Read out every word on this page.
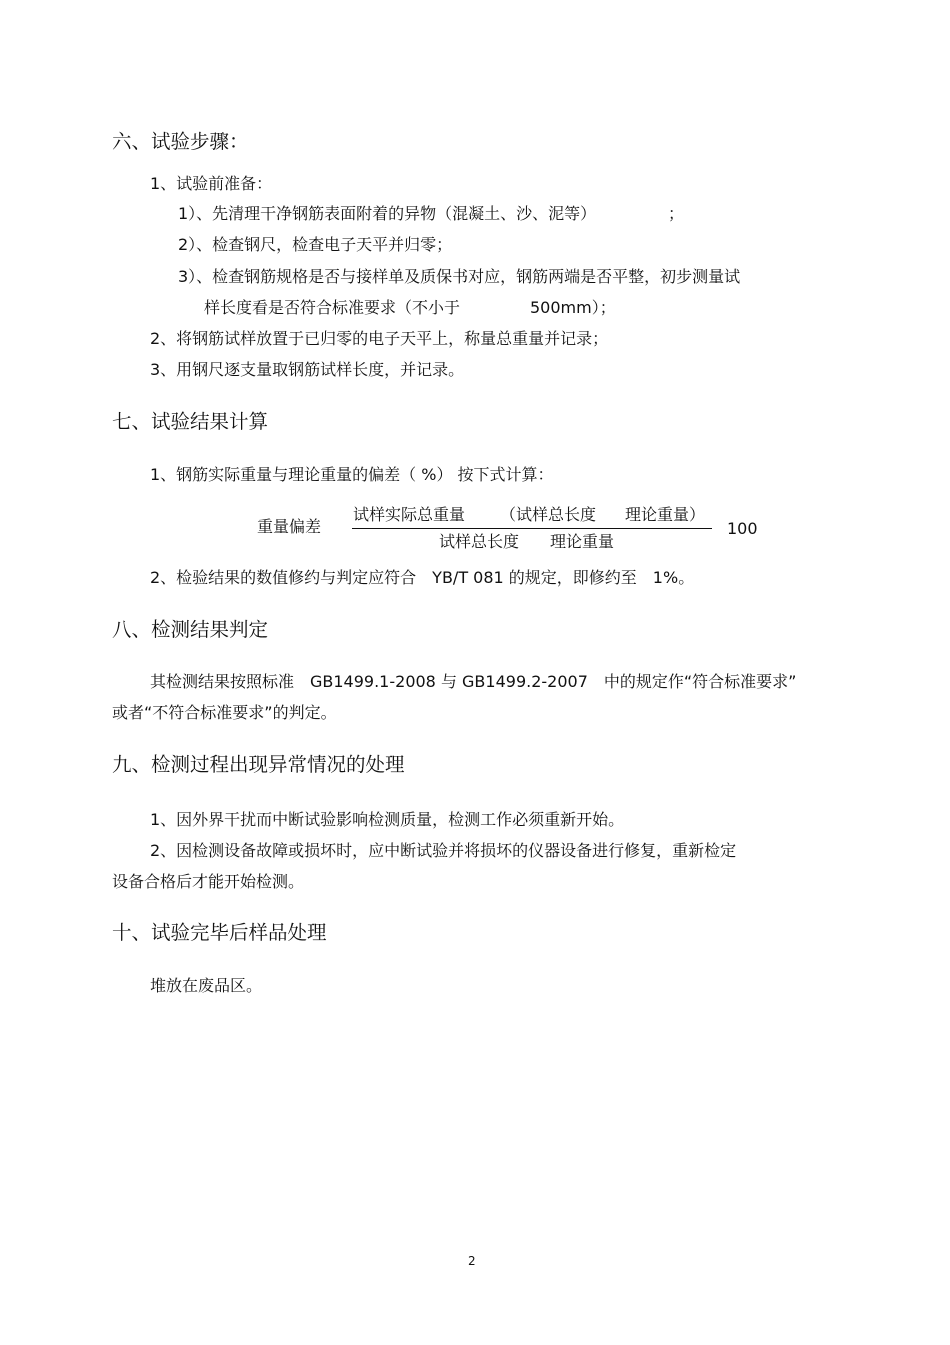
六、试验步骤：
1、试验前准备：
1）、先清理干净钢筋表面附着的异物（混凝土、沙、泥等）	；
2）、检查钢尺，检查电子天平并归零；
3）、检查钢筋规格是否与接样单及质保书对应，钢筋两端是否平整，初步测量试
样长度看是否符合标准要求（不小于	500mm）；
2、将钢筋试样放置于已归零的电子天平上，称量总重量并记录；
3、用钢尺逐支量取钢筋试样长度，并记录。
七、试验结果计算
1、钢筋实际重量与理论重量的偏差（ %） 按下式计算：
重量偏差
试样实际总重量 （试样总长度 理论重量）
试样总长度 理论重量
100
2、检验结果的数值修约与判定应符合　YB/T 081 的规定，即修约至　1%。
八、检测结果判定
其检测结果按照标准　GB1499.1-2008 与 GB1499.2-2007　中的规定作“符合标准要求”
或者“不符合标准要求”的判定。
九、检测过程出现异常情况的处理
1、因外界干扰而中断试验影响检测质量，检测工作必须重新开始。
2、因检测设备故障或损坏时，应中断试验并将损坏的仪器设备进行修复，重新检定
设备合格后才能开始检测。
十、试验完毕后样品处理
堆放在废品区。
2
